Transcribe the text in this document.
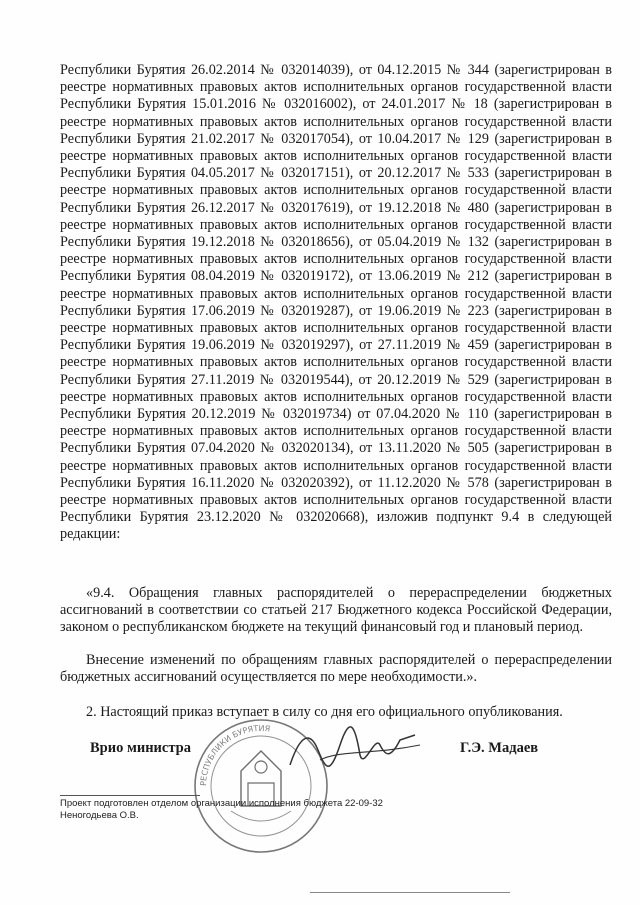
Республики Бурятия 26.02.2014 № 032014039), от 04.12.2015 № 344 (зарегистрирован в реестре нормативных правовых актов исполнительных органов государственной власти Республики Бурятия 15.01.2016 № 032016002), от 24.01.2017 № 18 (зарегистрирован в реестре нормативных правовых актов исполнительных органов государственной власти Республики Бурятия 21.02.2017 № 032017054), от 10.04.2017 № 129 (зарегистрирован в реестре нормативных правовых актов исполнительных органов государственной власти Республики Бурятия 04.05.2017 № 032017151), от 20.12.2017 № 533 (зарегистрирован в реестре нормативных правовых актов исполнительных органов государственной власти Республики Бурятия 26.12.2017 № 032017619), от 19.12.2018 № 480 (зарегистрирован в реестре нормативных правовых актов исполнительных органов государственной власти Республики Бурятия 19.12.2018 № 032018656), от 05.04.2019 № 132 (зарегистрирован в реестре нормативных правовых актов исполнительных органов государственной власти Республики Бурятия 08.04.2019 № 032019172), от 13.06.2019 № 212 (зарегистрирован в реестре нормативных правовых актов исполнительных органов государственной власти Республики Бурятия 17.06.2019 № 032019287), от 19.06.2019 № 223 (зарегистрирован в реестре нормативных правовых актов исполнительных органов государственной власти Республики Бурятия 19.06.2019 № 032019297), от 27.11.2019 № 459 (зарегистрирован в реестре нормативных правовых актов исполнительных органов государственной власти Республики Бурятия 27.11.2019 № 032019544), от 20.12.2019 № 529 (зарегистрирован в реестре нормативных правовых актов исполнительных органов государственной власти Республики Бурятия 20.12.2019 № 032019734) от 07.04.2020 № 110 (зарегистрирован в реестре нормативных правовых актов исполнительных органов государственной власти Республики Бурятия 07.04.2020 № 032020134), от 13.11.2020 № 505 (зарегистрирован в реестре нормативных правовых актов исполнительных органов государственной власти Республики Бурятия 16.11.2020 № 032020392), от 11.12.2020 № 578 (зарегистрирован в реестре нормативных правовых актов исполнительных органов государственной власти Республики Бурятия 23.12.2020 № 032020668), изложив подпункт 9.4 в следующей редакции:

«9.4. Обращения главных распорядителей о перераспределении бюджетных ассигнований в соответствии со статьей 217 Бюджетного кодекса Российской Федерации, законом о республиканском бюджете на текущий финансовый год и плановый период.

Внесение изменений по обращениям главных распорядителей о перераспределении бюджетных ассигнований осуществляется по мере необходимости.».

2. Настоящий приказ вступает в силу со дня его официального опубликования.

РЕСПУБЛИКИ БУРЯТИЯ
Врио министра	Г.Э. Мадаев
Проект подготовлен отделом организации исполнения бюджета 22-09-32
Неногодьева О.В.
